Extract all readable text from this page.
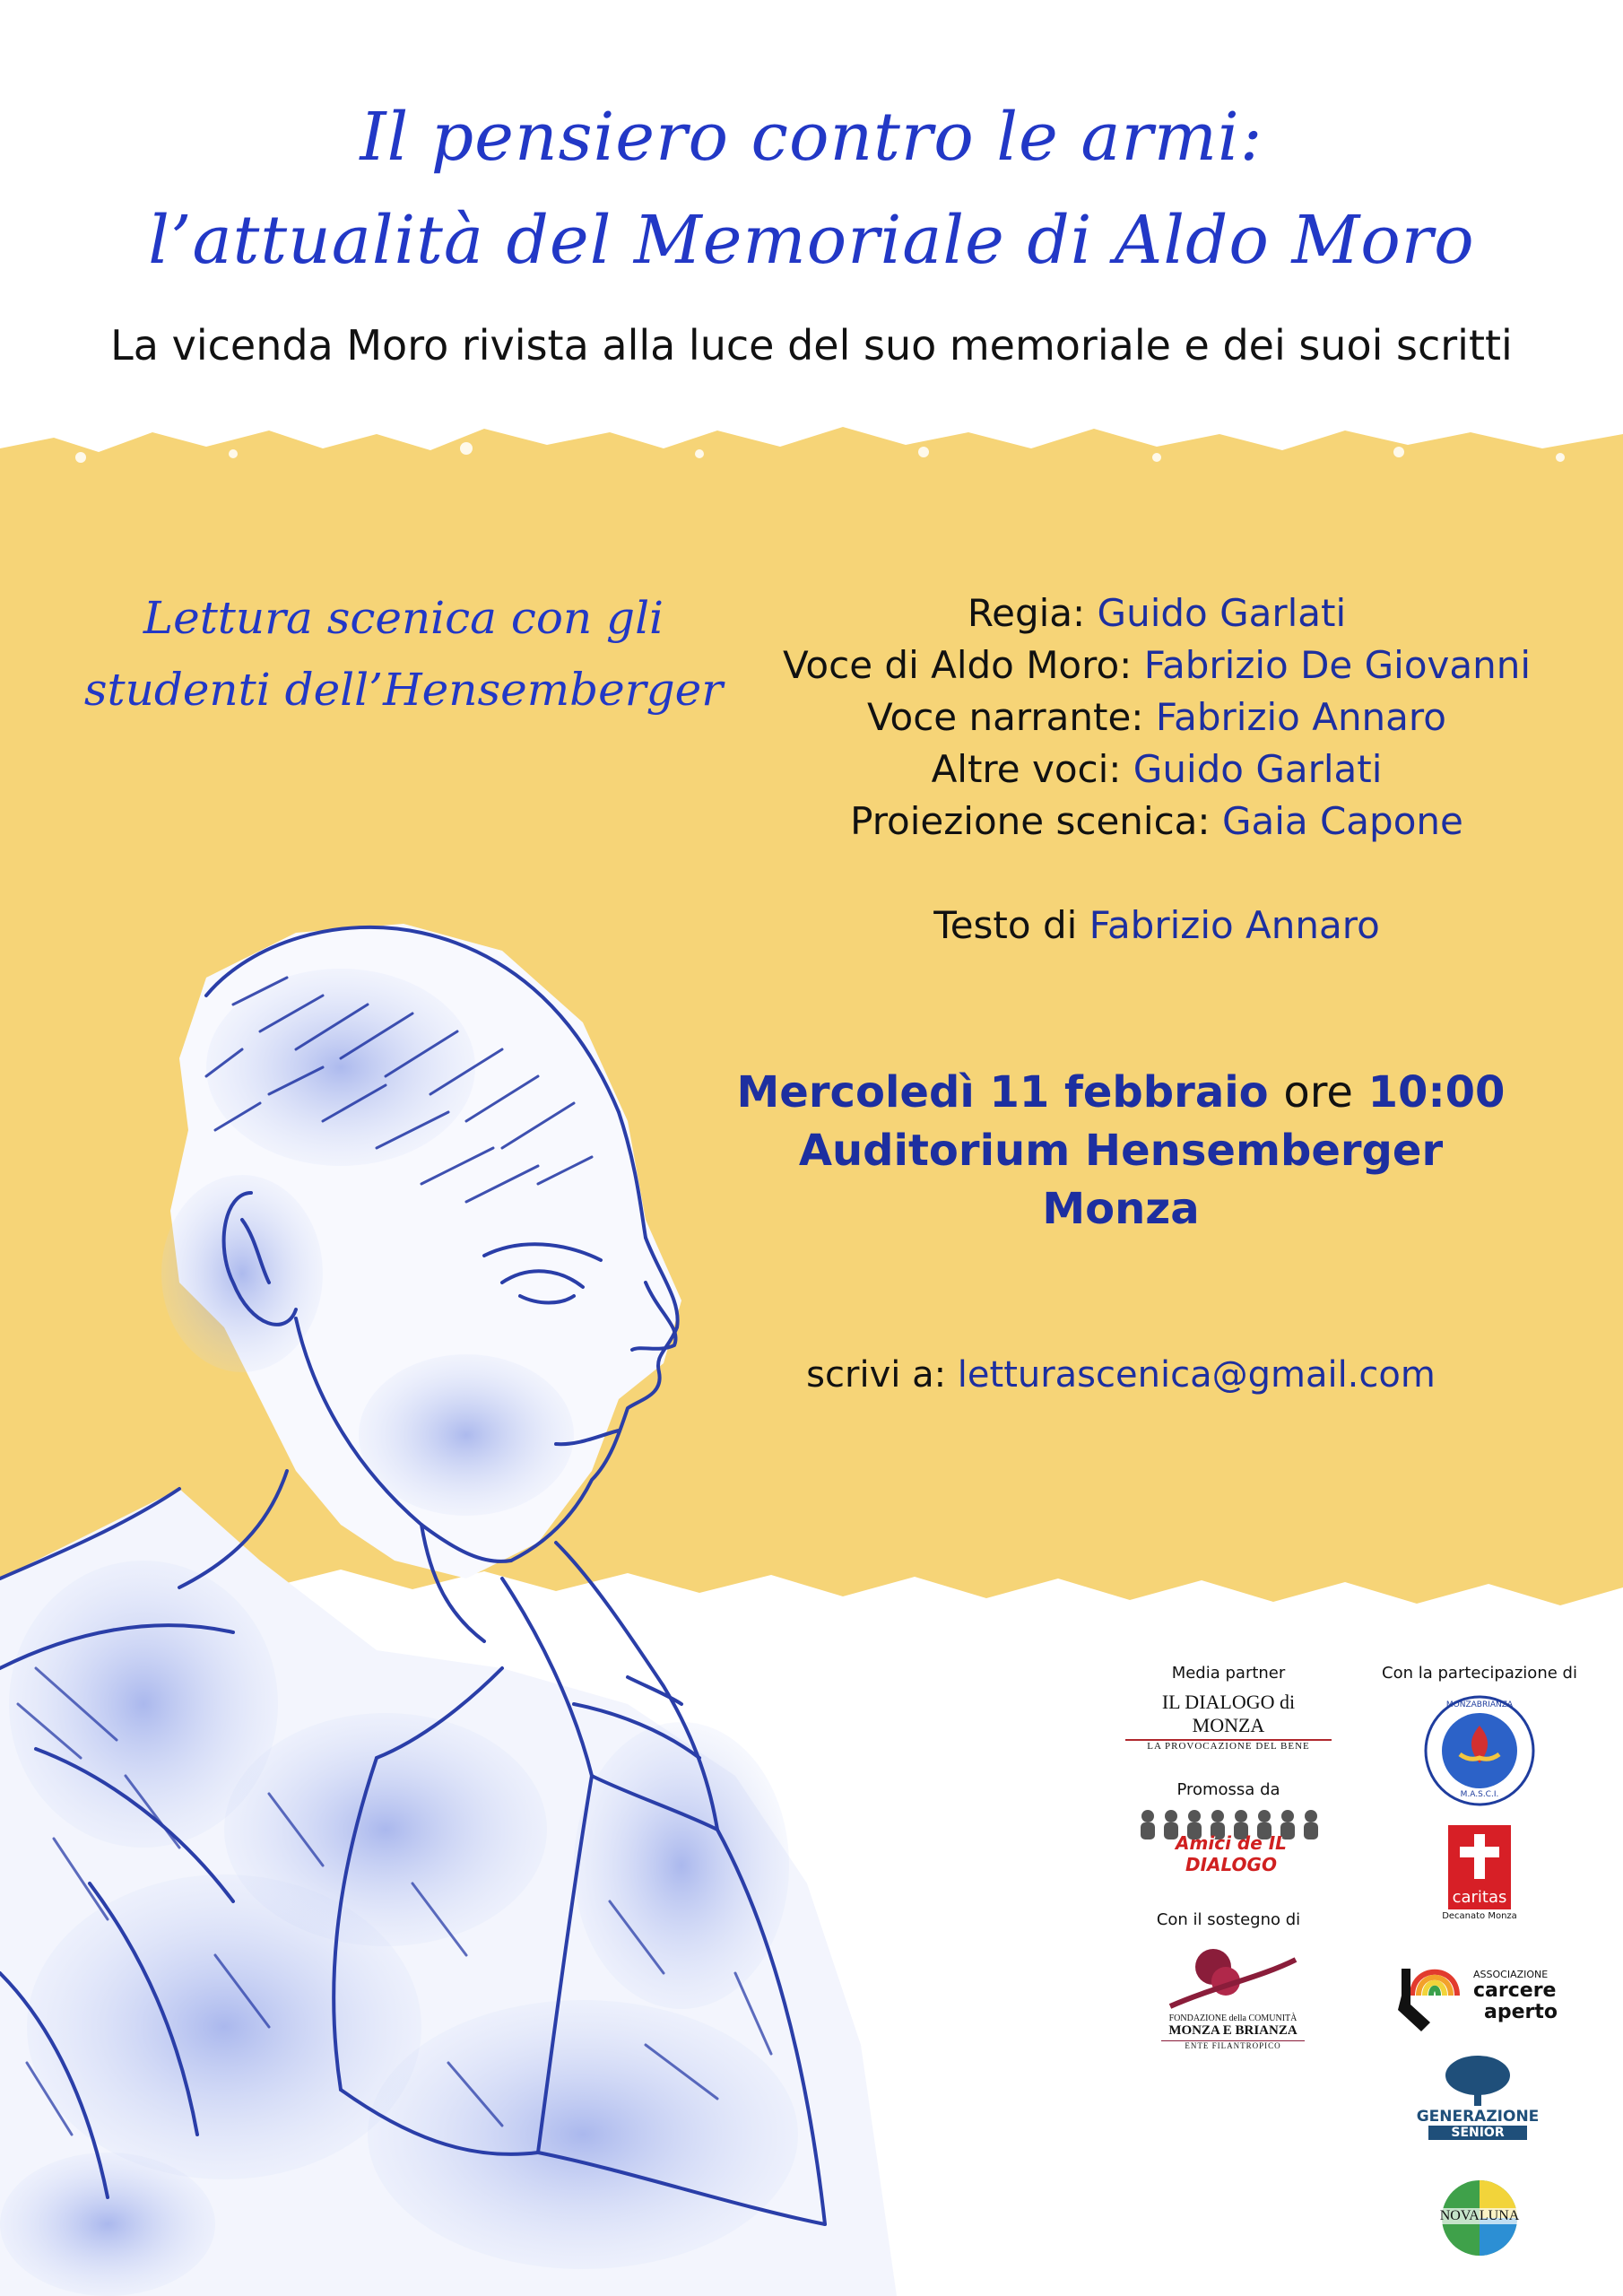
Il pensiero contro le armi:
l’attualità del Memoriale di Aldo Moro
La vicenda Moro rivista alla luce del suo memoriale e dei suoi scritti
Lettura scenica con gli
studenti dell’Hensemberger
Regia: Guido Garlati
Voce di Aldo Moro: Fabrizio De Giovanni
Voce narrante: Fabrizio Annaro
Altre voci: Guido Garlati
Proiezione scenica: Gaia Capone
Testo di Fabrizio Annaro
Mercoledì 11 febbraio ore 10:00
Auditorium Hensemberger
Monza
scrivi a: letturascenica@gmail.com
Media partner
IL DIALOGO di MONZA
LA PROVOCAZIONE DEL BENE
Promossa da
Amici de IL DIALOGO
Con il sostegno di
FONDAZIONE della COMUNITÀ
MONZA E BRIANZA
ENTE FILANTROPICO
Con la partecipazione di
MONZABRIANZA
M.A.S.C.I.
caritas
Decanato Monza
ASSOCIAZIONE
carcere
aperto
GENERAZIONE
SENIOR
NOVALUNA
